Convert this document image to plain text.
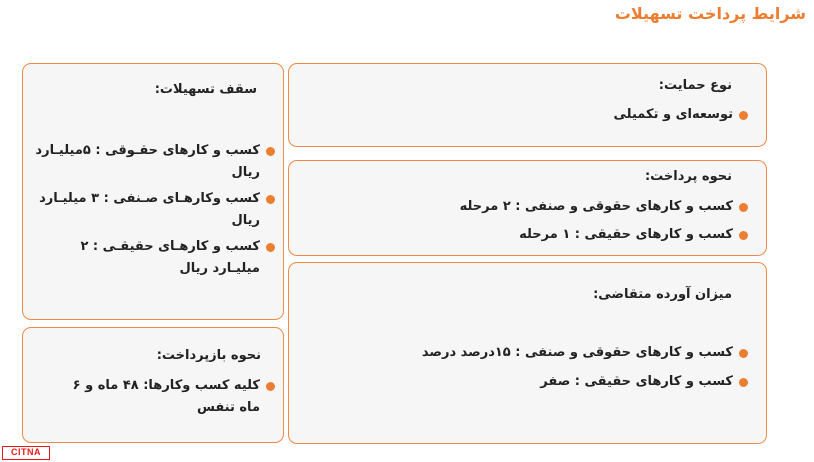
شرایط پرداخت تسهیلات
نوع حمایت:
توسعه‌ای و تکمیلی
نحوه پرداخت:
کسب و کارهای حقوقی و صنفی : ۲ مرحله
کسب و کارهای حقیقی : ۱ مرحله
میزان آورده متقاضی:
کسب و کارهای حقوقی و صنفی : ۱۵درصد درصد
کسب و کارهای حقیقی : صفر
سقف تسهیلات:
کسب و کارهای حقـوقی : ۵میلیـارد ریال
کسب وکارهـای صـنفی : ۳ میلیـارد ریال
کسب و کارهـای حقیقـی : ۲ میلیـارد ریال
نحوه بازپرداخت:
کلیه کسب وکارها: ۴۸ ماه و ۶ ماه تنفس
CITNA
